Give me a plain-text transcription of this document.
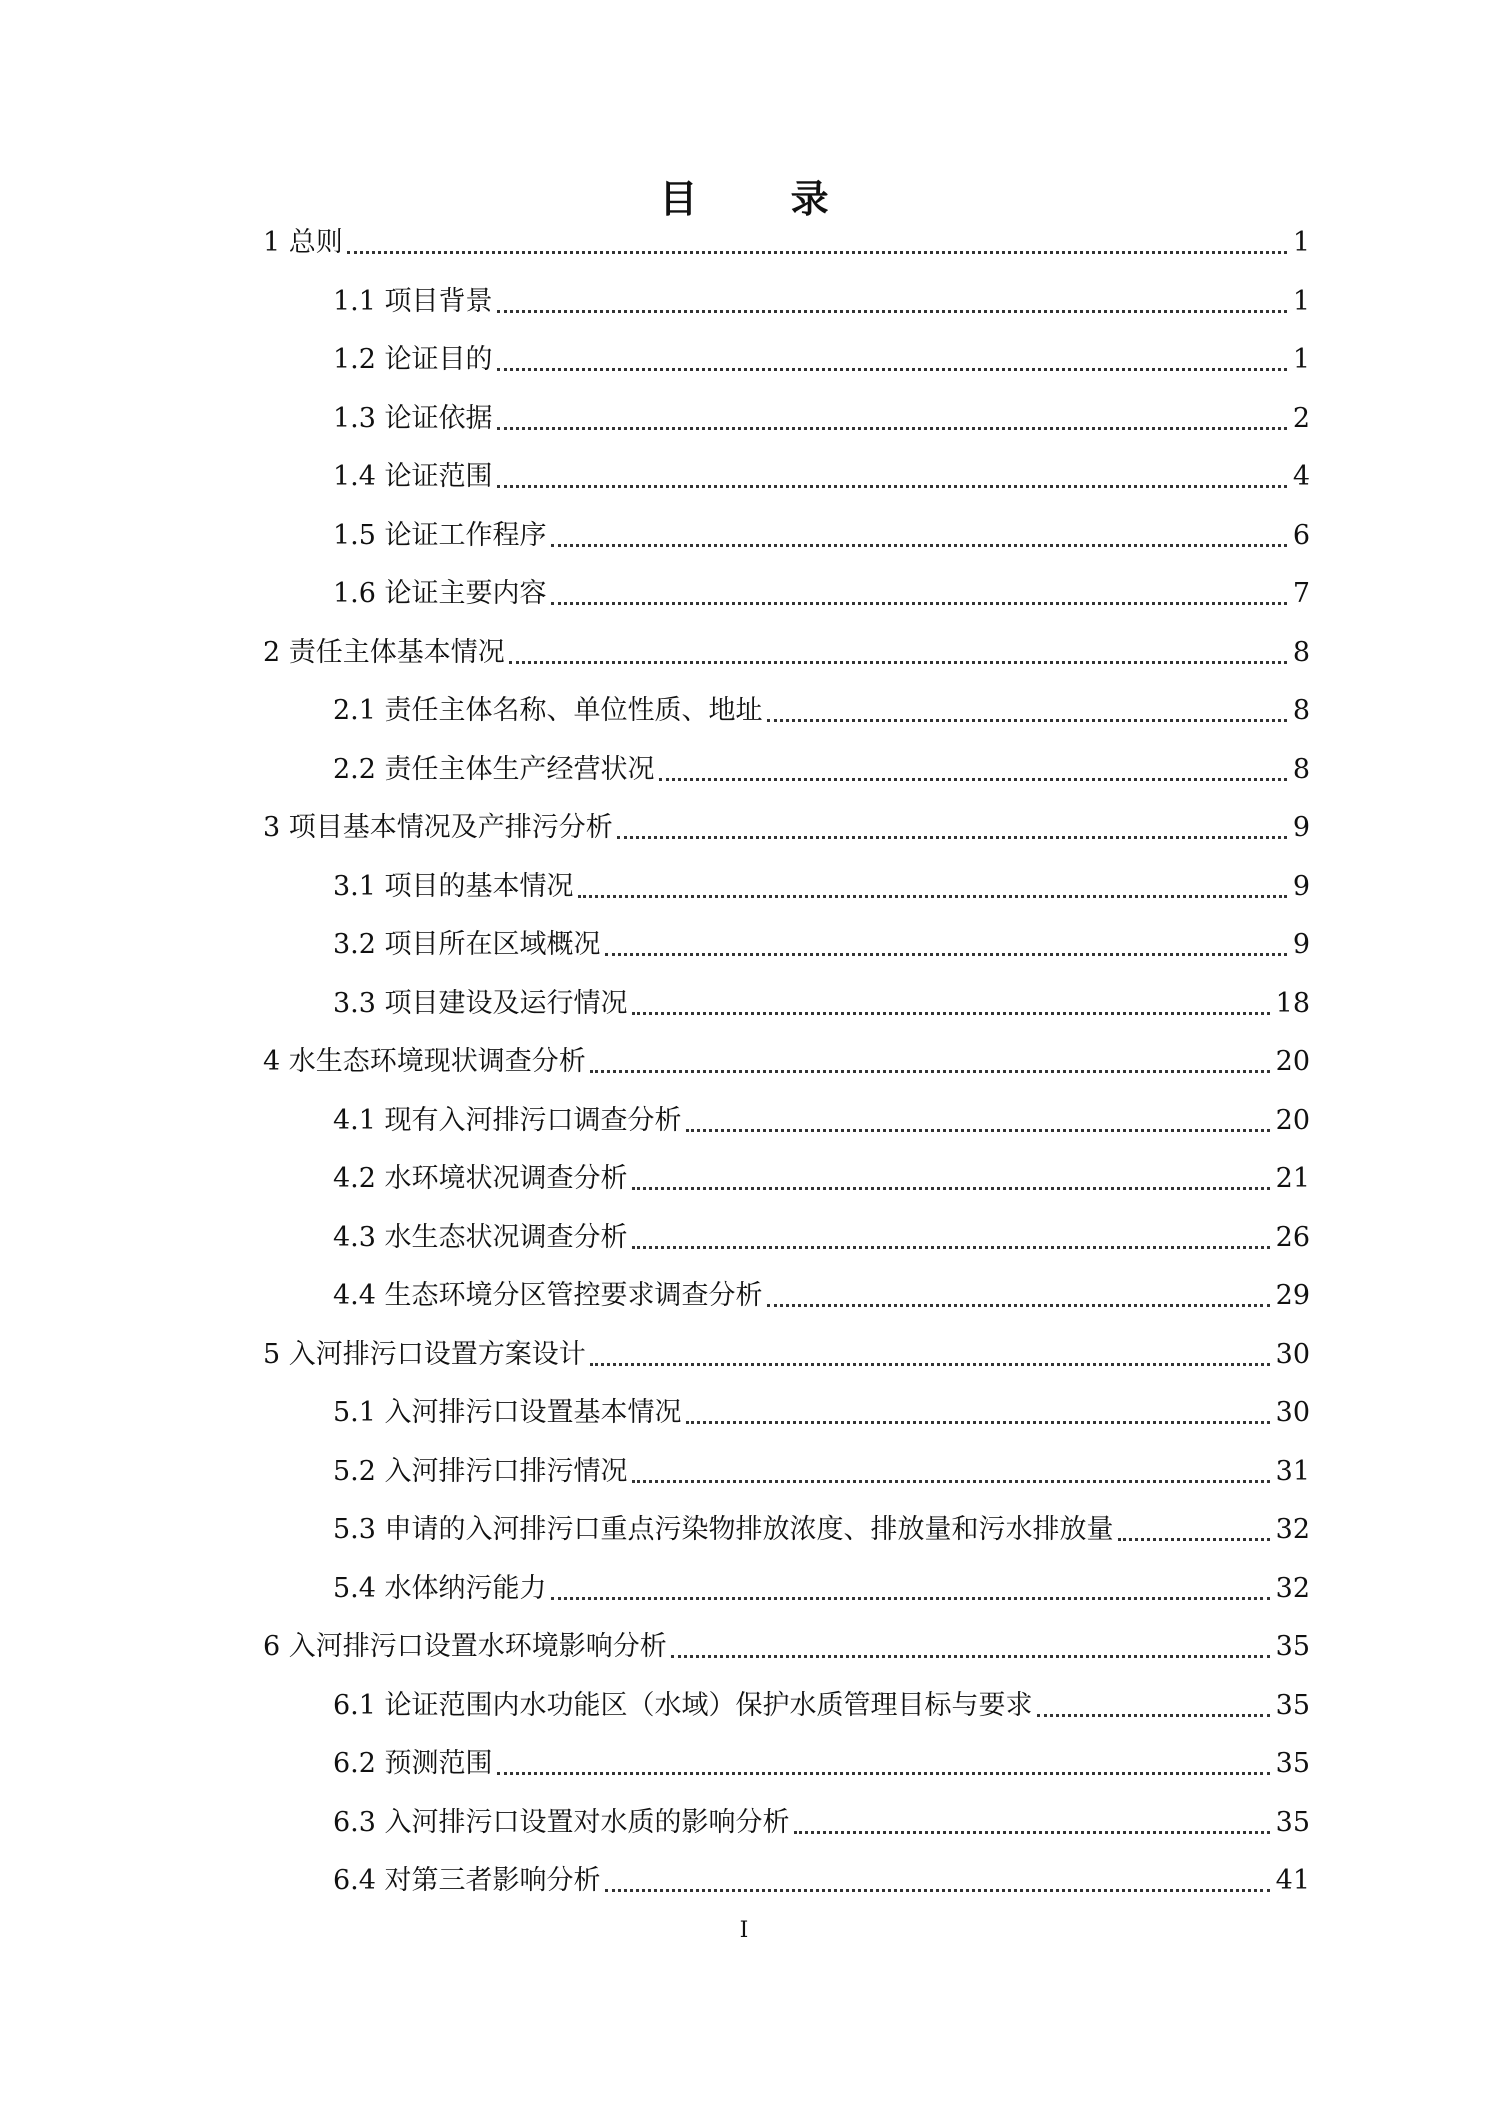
目 录
1 总则	1
1.1 项目背景	1
1.2 论证目的	1
1.3 论证依据	2
1.4 论证范围	4
1.5 论证工作程序	6
1.6 论证主要内容	7
2 责任主体基本情况	8
2.1 责任主体名称、单位性质、地址	8
2.2 责任主体生产经营状况	8
3 项目基本情况及产排污分析	9
3.1 项目的基本情况	9
3.2 项目所在区域概况	9
3.3 项目建设及运行情况	18
4 水生态环境现状调查分析	20
4.1 现有入河排污口调查分析	20
4.2 水环境状况调查分析	21
4.3 水生态状况调查分析	26
4.4 生态环境分区管控要求调查分析	29
5 入河排污口设置方案设计	30
5.1 入河排污口设置基本情况	30
5.2 入河排污口排污情况	31
5.3 申请的入河排污口重点污染物排放浓度、排放量和污水排放量	32
5.4 水体纳污能力	32
6 入河排污口设置水环境影响分析	35
6.1 论证范围内水功能区（水域）保护水质管理目标与要求	35
6.2 预测范围	35
6.3 入河排污口设置对水质的影响分析	35
6.4 对第三者影响分析	41
I
